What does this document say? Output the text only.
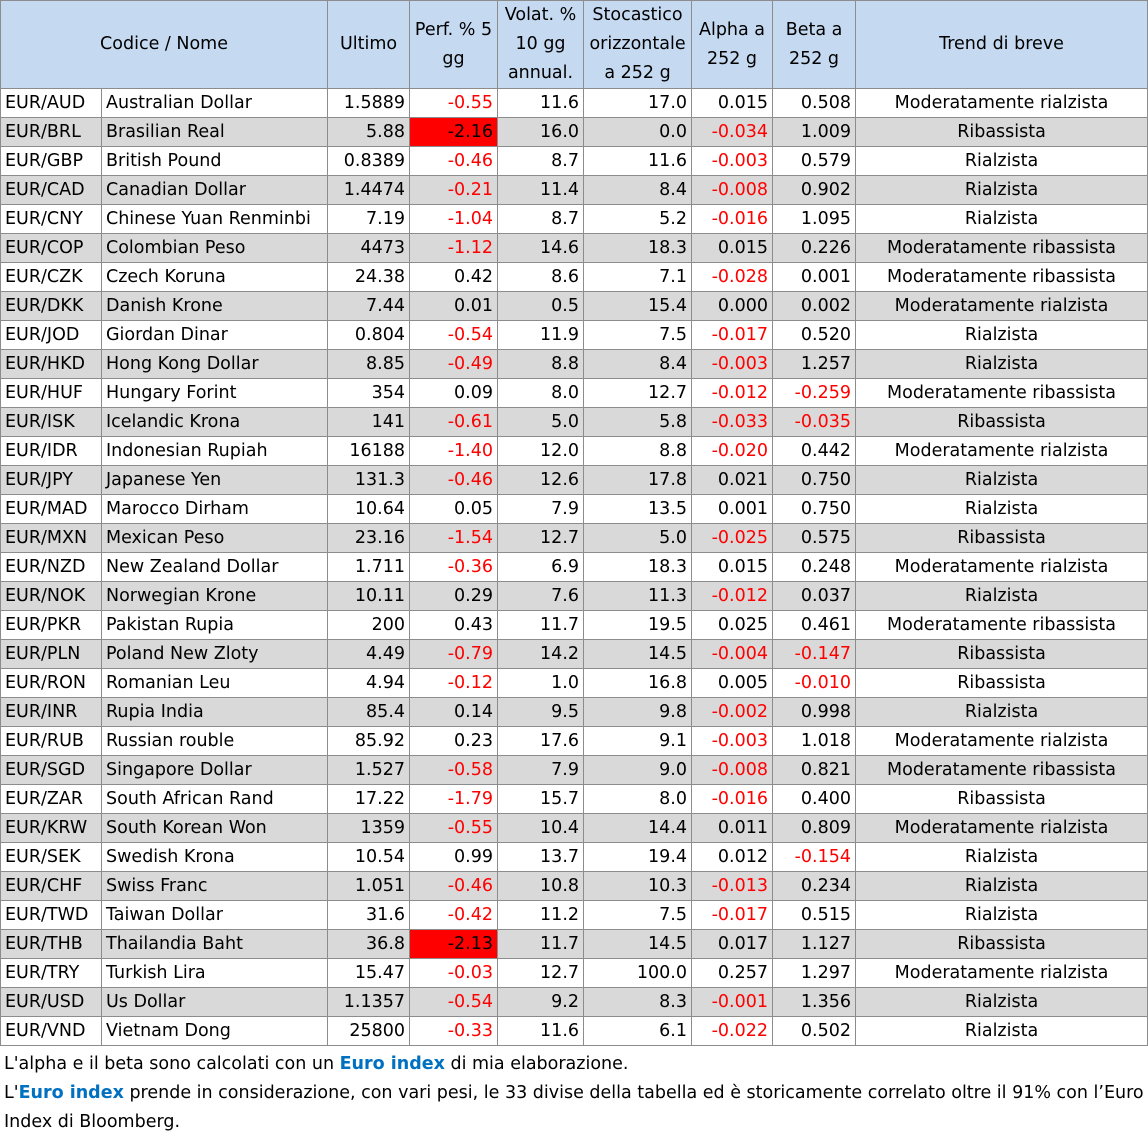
Codice / Nome		Ultimo	Perf. % 5 gg	Volat. % 10 gg annual.	Stocastico orizzontale a 252 g	Alpha a 252 g	Beta a 252 g	Trend di breve
EUR/AUD	Australian Dollar	1.5889	-0.55	11.6	17.0	0.015	0.508	Moderatamente rialzista
EUR/BRL	Brasilian Real	5.88	-2.16	16.0	0.0	-0.034	1.009	Ribassista
EUR/GBP	British Pound	0.8389	-0.46	8.7	11.6	-0.003	0.579	Rialzista
EUR/CAD	Canadian Dollar	1.4474	-0.21	11.4	8.4	-0.008	0.902	Rialzista
EUR/CNY	Chinese Yuan Renminbi	7.19	-1.04	8.7	5.2	-0.016	1.095	Rialzista
EUR/COP	Colombian Peso	4473	-1.12	14.6	18.3	0.015	0.226	Moderatamente ribassista
EUR/CZK	Czech Koruna	24.38	0.42	8.6	7.1	-0.028	0.001	Moderatamente ribassista
EUR/DKK	Danish Krone	7.44	0.01	0.5	15.4	0.000	0.002	Moderatamente rialzista
EUR/JOD	Giordan Dinar	0.804	-0.54	11.9	7.5	-0.017	0.520	Rialzista
EUR/HKD	Hong Kong Dollar	8.85	-0.49	8.8	8.4	-0.003	1.257	Rialzista
EUR/HUF	Hungary Forint	354	0.09	8.0	12.7	-0.012	-0.259	Moderatamente ribassista
EUR/ISK	Icelandic Krona	141	-0.61	5.0	5.8	-0.033	-0.035	Ribassista
EUR/IDR	Indonesian Rupiah	16188	-1.40	12.0	8.8	-0.020	0.442	Moderatamente rialzista
EUR/JPY	Japanese Yen	131.3	-0.46	12.6	17.8	0.021	0.750	Rialzista
EUR/MAD	Marocco Dirham	10.64	0.05	7.9	13.5	0.001	0.750	Rialzista
EUR/MXN	Mexican Peso	23.16	-1.54	12.7	5.0	-0.025	0.575	Ribassista
EUR/NZD	New Zealand Dollar	1.711	-0.36	6.9	18.3	0.015	0.248	Moderatamente rialzista
EUR/NOK	Norwegian Krone	10.11	0.29	7.6	11.3	-0.012	0.037	Rialzista
EUR/PKR	Pakistan Rupia	200	0.43	11.7	19.5	0.025	0.461	Moderatamente ribassista
EUR/PLN	Poland New Zloty	4.49	-0.79	14.2	14.5	-0.004	-0.147	Ribassista
EUR/RON	Romanian Leu	4.94	-0.12	1.0	16.8	0.005	-0.010	Ribassista
EUR/INR	Rupia India	85.4	0.14	9.5	9.8	-0.002	0.998	Rialzista
EUR/RUB	Russian rouble	85.92	0.23	17.6	9.1	-0.003	1.018	Moderatamente rialzista
EUR/SGD	Singapore Dollar	1.527	-0.58	7.9	9.0	-0.008	0.821	Moderatamente ribassista
EUR/ZAR	South African Rand	17.22	-1.79	15.7	8.0	-0.016	0.400	Ribassista
EUR/KRW	South Korean Won	1359	-0.55	10.4	14.4	0.011	0.809	Moderatamente rialzista
EUR/SEK	Swedish Krona	10.54	0.99	13.7	19.4	0.012	-0.154	Rialzista
EUR/CHF	Swiss Franc	1.051	-0.46	10.8	10.3	-0.013	0.234	Rialzista
EUR/TWD	Taiwan Dollar	31.6	-0.42	11.2	7.5	-0.017	0.515	Rialzista
EUR/THB	Thailandia Baht	36.8	-2.13	11.7	14.5	0.017	1.127	Ribassista
EUR/TRY	Turkish Lira	15.47	-0.03	12.7	100.0	0.257	1.297	Moderatamente rialzista
EUR/USD	Us Dollar	1.1357	-0.54	9.2	8.3	-0.001	1.356	Rialzista
EUR/VND	Vietnam Dong	25800	-0.33	11.6	6.1	-0.022	0.502	Rialzista

L'alpha e il beta sono calcolati con un Euro index di mia elaborazione.

L'Euro index prende in considerazione, con vari pesi, le 33 divise della tabella ed è storicamente correlato oltre il 91% con l’Euro Index di Bloomberg.
